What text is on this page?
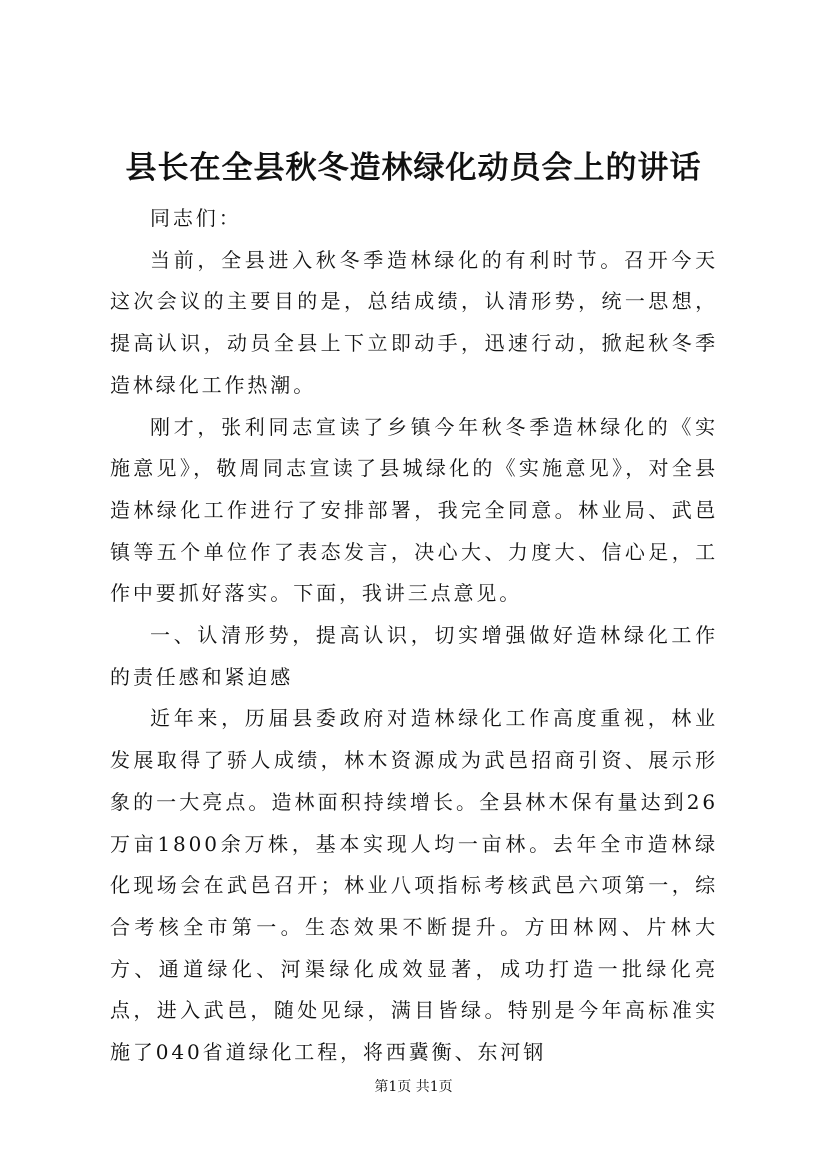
县长在全县秋冬造林绿化动员会上的讲话

同志们：

当前，全县进入秋冬季造林绿化的有利时节。召开今天这次会议的主要目的是，总结成绩，认清形势，统一思想，提高认识，动员全县上下立即动手，迅速行动，掀起秋冬季造林绿化工作热潮。

刚才，张利同志宣读了乡镇今年秋冬季造林绿化的《实施意见》，敬周同志宣读了县城绿化的《实施意见》，对全县造林绿化工作进行了安排部署，我完全同意。林业局、武邑镇等五个单位作了表态发言，决心大、力度大、信心足，工作中要抓好落实。下面，我讲三点意见。

一、认清形势，提高认识，切实增强做好造林绿化工作的责任感和紧迫感

近年来，历届县委政府对造林绿化工作高度重视，林业发展取得了骄人成绩，林木资源成为武邑招商引资、展示形象的一大亮点。造林面积持续增长。全县林木保有量达到26万亩1800余万株，基本实现人均一亩林。去年全市造林绿化现场会在武邑召开；林业八项指标考核武邑六项第一，综合考核全市第一。生态效果不断提升。方田林网、片林大方、通道绿化、河渠绿化成效显著，成功打造一批绿化亮点，进入武邑，随处见绿，满目皆绿。特别是今年高标准实施了040省道绿化工程，将西冀衡、东河钢

第1页 共1页
